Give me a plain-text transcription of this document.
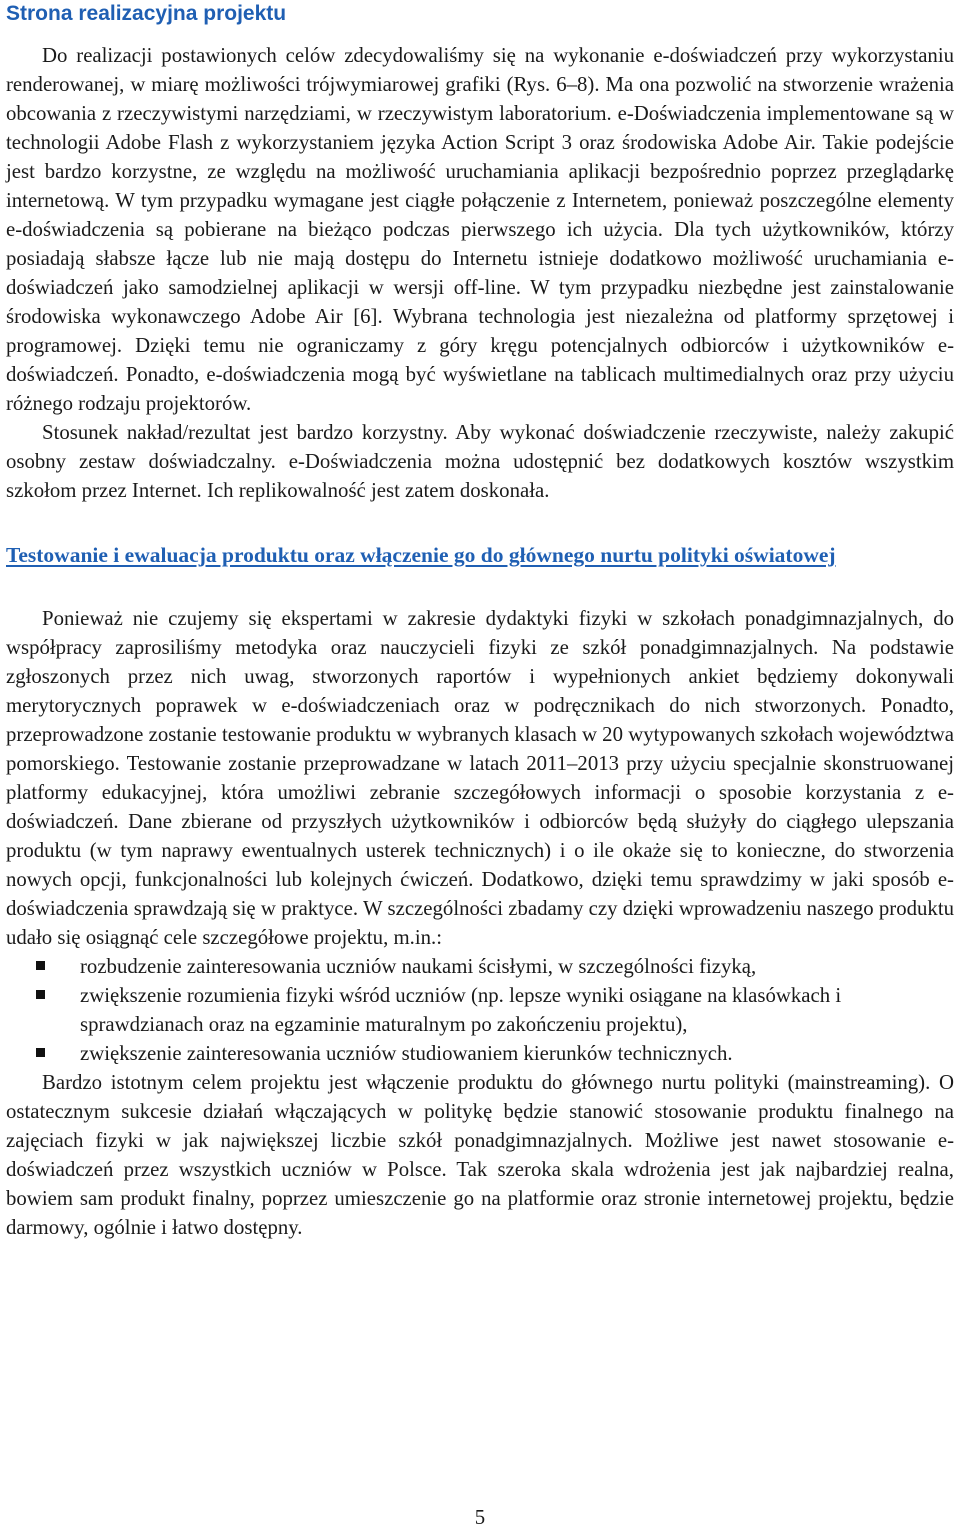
Strona realizacyjna projektu

Do realizacji postawionych celów zdecydowaliśmy się na wykonanie e-doświadczeń przy wykorzystaniu renderowanej, w miarę możliwości trójwymiarowej grafiki (Rys. 6–8). Ma ona pozwolić na stworzenie wrażenia obcowania z rzeczywistymi narzędziami, w rzeczywistym laboratorium. e-Doświadczenia implementowane są w technologii Adobe Flash z wykorzystaniem języka Action Script 3 oraz środowiska Adobe Air. Takie podejście jest bardzo korzystne, ze względu na możliwość uruchamiania aplikacji bezpośrednio poprzez przeglądarkę internetową. W tym przypadku wymagane jest ciągłe połączenie z Internetem, ponieważ poszczególne elementy e-doświadczenia są pobierane na bieżąco podczas pierwszego ich użycia. Dla tych użytkowników, którzy posiadają słabsze łącze lub nie mają dostępu do Internetu istnieje dodatkowo możliwość uruchamiania e-doświadczeń jako samodzielnej aplikacji w wersji off-line. W tym przypadku niezbędne jest zainstalowanie środowiska wykonawczego Adobe Air [6]. Wybrana technologia jest niezależna od platformy sprzętowej i programowej. Dzięki temu nie ograniczamy z góry kręgu potencjalnych odbiorców i użytkowników e-doświadczeń. Ponadto, e-doświadczenia mogą być wyświetlane na tablicach multimedialnych oraz przy użyciu różnego rodzaju projektorów.

Stosunek nakład/rezultat jest bardzo korzystny. Aby wykonać doświadczenie rzeczywiste, należy zakupić osobny zestaw doświadczalny. e-Doświadczenia można udostępnić bez dodatkowych kosztów wszystkim szkołom przez Internet. Ich replikowalność jest zatem doskonała.

Testowanie i ewaluacja produktu oraz włączenie go do głównego nurtu polityki oświatowej

Ponieważ nie czujemy się ekspertami w zakresie dydaktyki fizyki w szkołach ponadgimnazjalnych, do współpracy zaprosiliśmy metodyka oraz nauczycieli fizyki ze szkół ponadgimnazjalnych. Na podstawie zgłoszonych przez nich uwag, stworzonych raportów i wypełnionych ankiet będziemy dokonywali merytorycznych poprawek w e-doświadczeniach oraz w podręcznikach do nich stworzonych. Ponadto, przeprowadzone zostanie testowanie produktu w wybranych klasach w 20 wytypowanych szkołach województwa pomorskiego. Testowanie zostanie przeprowadzane w latach 2011–2013 przy użyciu specjalnie skonstruowanej platformy edukacyjnej, która umożliwi zebranie szczegółowych informacji o sposobie korzystania z e-doświadczeń. Dane zbierane od przyszłych użytkowników i odbiorców będą służyły do ciągłego ulepszania produktu (w tym naprawy ewentualnych usterek technicznych) i o ile okaże się to konieczne, do stworzenia nowych opcji, funkcjonalności lub kolejnych ćwiczeń. Dodatkowo, dzięki temu sprawdzimy w jaki sposób e-doświadczenia sprawdzają się w praktyce. W szczególności zbadamy czy dzięki wprowadzeniu naszego produktu udało się osiągnąć cele szczegółowe projektu, m.in.:

rozbudzenie zainteresowania uczniów naukami ścisłymi, w szczególności fizyką,
zwiększenie rozumienia fizyki wśród uczniów (np. lepsze wyniki osiągane na klasówkach i sprawdzianach oraz na egzaminie maturalnym po zakończeniu projektu),
zwiększenie zainteresowania uczniów studiowaniem kierunków technicznych.

Bardzo istotnym celem projektu jest włączenie produktu do głównego nurtu polityki (mainstreaming). O ostatecznym sukcesie działań włączających w politykę będzie stanowić stosowanie produktu finalnego na zajęciach fizyki w jak największej liczbie szkół ponadgimnazjalnych. Możliwe jest nawet stosowanie e-doświadczeń przez wszystkich uczniów w Polsce. Tak szeroka skala wdrożenia jest jak najbardziej realna, bowiem sam produkt finalny, poprzez umieszczenie go na platformie oraz stronie internetowej projektu, będzie darmowy, ogólnie i łatwo dostępny.

5
